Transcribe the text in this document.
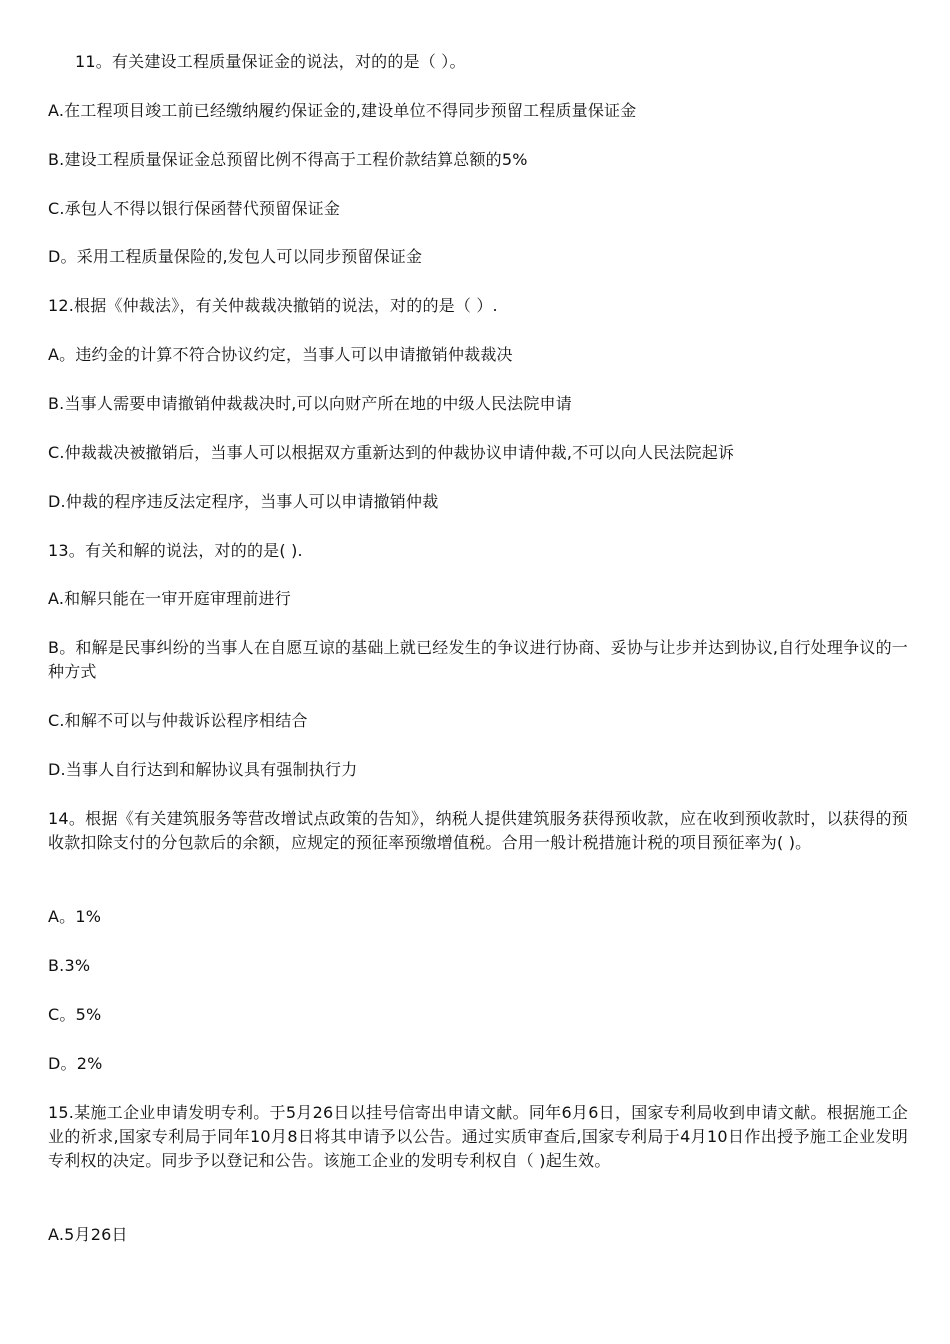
11。有关建设工程质量保证金的说法，对的的是（ ）。
A.在工程项目竣工前已经缴纳履约保证金的,建设单位不得同步预留工程质量保证金
B.建设工程质量保证金总预留比例不得高于工程价款结算总额的5%
C.承包人不得以银行保函替代预留保证金
D。采用工程质量保险的,发包人可以同步预留保证金
12.根据《仲裁法》，有关仲裁裁决撤销的说法，对的的是（ ）.
A。违约金的计算不符合协议约定，当事人可以申请撤销仲裁裁决
B.当事人需要申请撤销仲裁裁决时,可以向财产所在地的中级人民法院申请
C.仲裁裁决被撤销后，当事人可以根据双方重新达到的仲裁协议申请仲裁,不可以向人民法院起诉
D.仲裁的程序违反法定程序，当事人可以申请撤销仲裁
13。有关和解的说法，对的的是( ).
A.和解只能在一审开庭审理前进行
B。和解是民事纠纷的当事人在自愿互谅的基础上就已经发生的争议进行协商、妥协与让步并达到协议,自行处理争议的一种方式
C.和解不可以与仲裁诉讼程序相结合
D.当事人自行达到和解协议具有强制执行力
14。根据《有关建筑服务等营改增试点政策的告知》，纳税人提供建筑服务获得预收款，应在收到预收款时，以获得的预收款扣除支付的分包款后的余额，应规定的预征率预缴增值税。合用一般计税措施计税的项目预征率为( )。
A。1%
B.3%
C。5%
D。2%
15.某施工企业申请发明专利。于5月26日以挂号信寄出申请文献。同年6月6日，国家专利局收到申请文献。根据施工企业的祈求,国家专利局于同年10月8日将其申请予以公告。通过实质审查后,国家专利局于4月10日作出授予施工企业发明专利权的决定。同步予以登记和公告。该施工企业的发明专利权自（ )起生效。
A.5月26日
